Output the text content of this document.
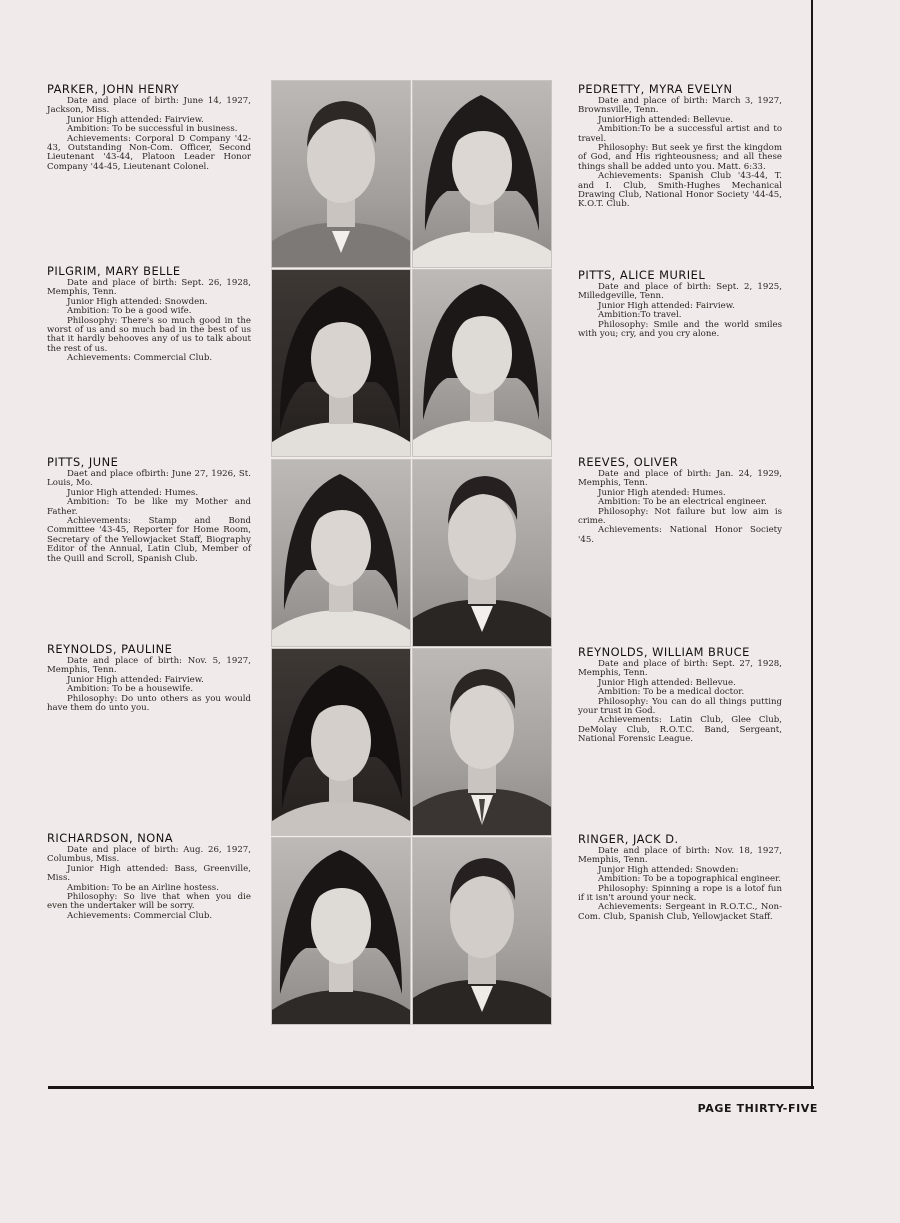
PAGE THIRTY-FIVE
PARKER, JOHN HENRY

Date and place of birth: June 14, 1927, Jackson, Miss.

Junior High attended: Fairview.

Ambition: To be successful in business.

Achievements: Corporal D Company '42-43, Outstanding Non-Com. Officer, Second Lieutenant '43-44, Platoon Leader Honor Company '44-45, Lieutenant Colonel.

PILGRIM, MARY BELLE

Date and place of birth: Sept. 26, 1928, Memphis, Tenn.

Junior High attended: Snowden.

Ambition: To be a good wife.

Philosophy: There's so much good in the worst of us and so much bad in the best of us that it hardly behooves any of us to talk about the rest of us.

Achievements: Commercial Club.

PITTS, JUNE

Daet and place ofbirth: June 27, 1926, St. Louis, Mo.

Junior High attended: Humes.

Ambition: To be like my Mother and Father.

Achievements: Stamp and Bond Committee '43-45, Reporter for Home Room, Secretary of the Yellowjacket Staff, Biography Editor of the Annual, Latin Club, Member of the Quill and Scroll, Spanish Club.

REYNOLDS, PAULINE

Date and place of birth: Nov. 5, 1927, Memphis, Tenn.

Junior High attended: Fairview.

Ambition: To be a housewife.

Philosophy: Do unto others as you would have them do unto you.

RICHARDSON, NONA

Date and place of birth: Aug. 26, 1927, Columbus, Miss.

Junior High attended: Bass, Greenville, Miss.

Ambition: To be an Airline hostess.

Philosophy: So live that when you die even the undertaker will be sorry.

Achievements: Commercial Club.

PEDRETTY, MYRA EVELYN

Date and place of birth: March 3, 1927, Brownsville, Tenn.

JuniorHigh attended: Bellevue.

Ambition:To be a successful artist and to travel.

Philosophy: But seek ye first the kingdom of God, and His righteousness; and all these things shall be added unto you. Matt. 6:33.

Achievements: Spanish Club '43-44, T. and I. Club, Smith-Hughes Mechanical Drawing Club, National Honor Society '44-45, K.O.T. Club.

PITTS, ALICE MURIEL

Date and place of birth: Sept. 2, 1925, Milledgeville, Tenn.

Junior High attended: Fairview.

Ambition:To travel.

Philosophy: Smile and the world smiles with you; cry, and you cry alone.

REEVES, OLIVER

Date and place of birth: Jan. 24, 1929, Memphis, Tenn.

Junior High atended: Humes.

Ambition: To be an electrical engineer.

Philosophy: Not failure but low aim is crime.

Achievements: National Honor Society '45.

REYNOLDS, WILLIAM BRUCE

Date and place of birth: Sept. 27, 1928, Memphis, Tenn.

Junior High attended: Bellevue.

Ambition: To be a medical doctor.

Philosophy: You can do all things putting your trust in God.

Achievements: Latin Club, Glee Club, DeMolay Club, R.O.T.C. Band, Sergeant, National Forensic League.

RINGER, JACK D.

Date and place of birth: Nov. 18, 1927, Memphis, Tenn.

Junjor High attended: Snowden:

Ambition: To be a topographical engineer.

Philosophy: Spinning a rope is a lotof fun if it isn't around your neck.

Achievements: Sergeant in R.O.T.C., Non-Com. Club, Spanish Club, Yellowjacket Staff.
